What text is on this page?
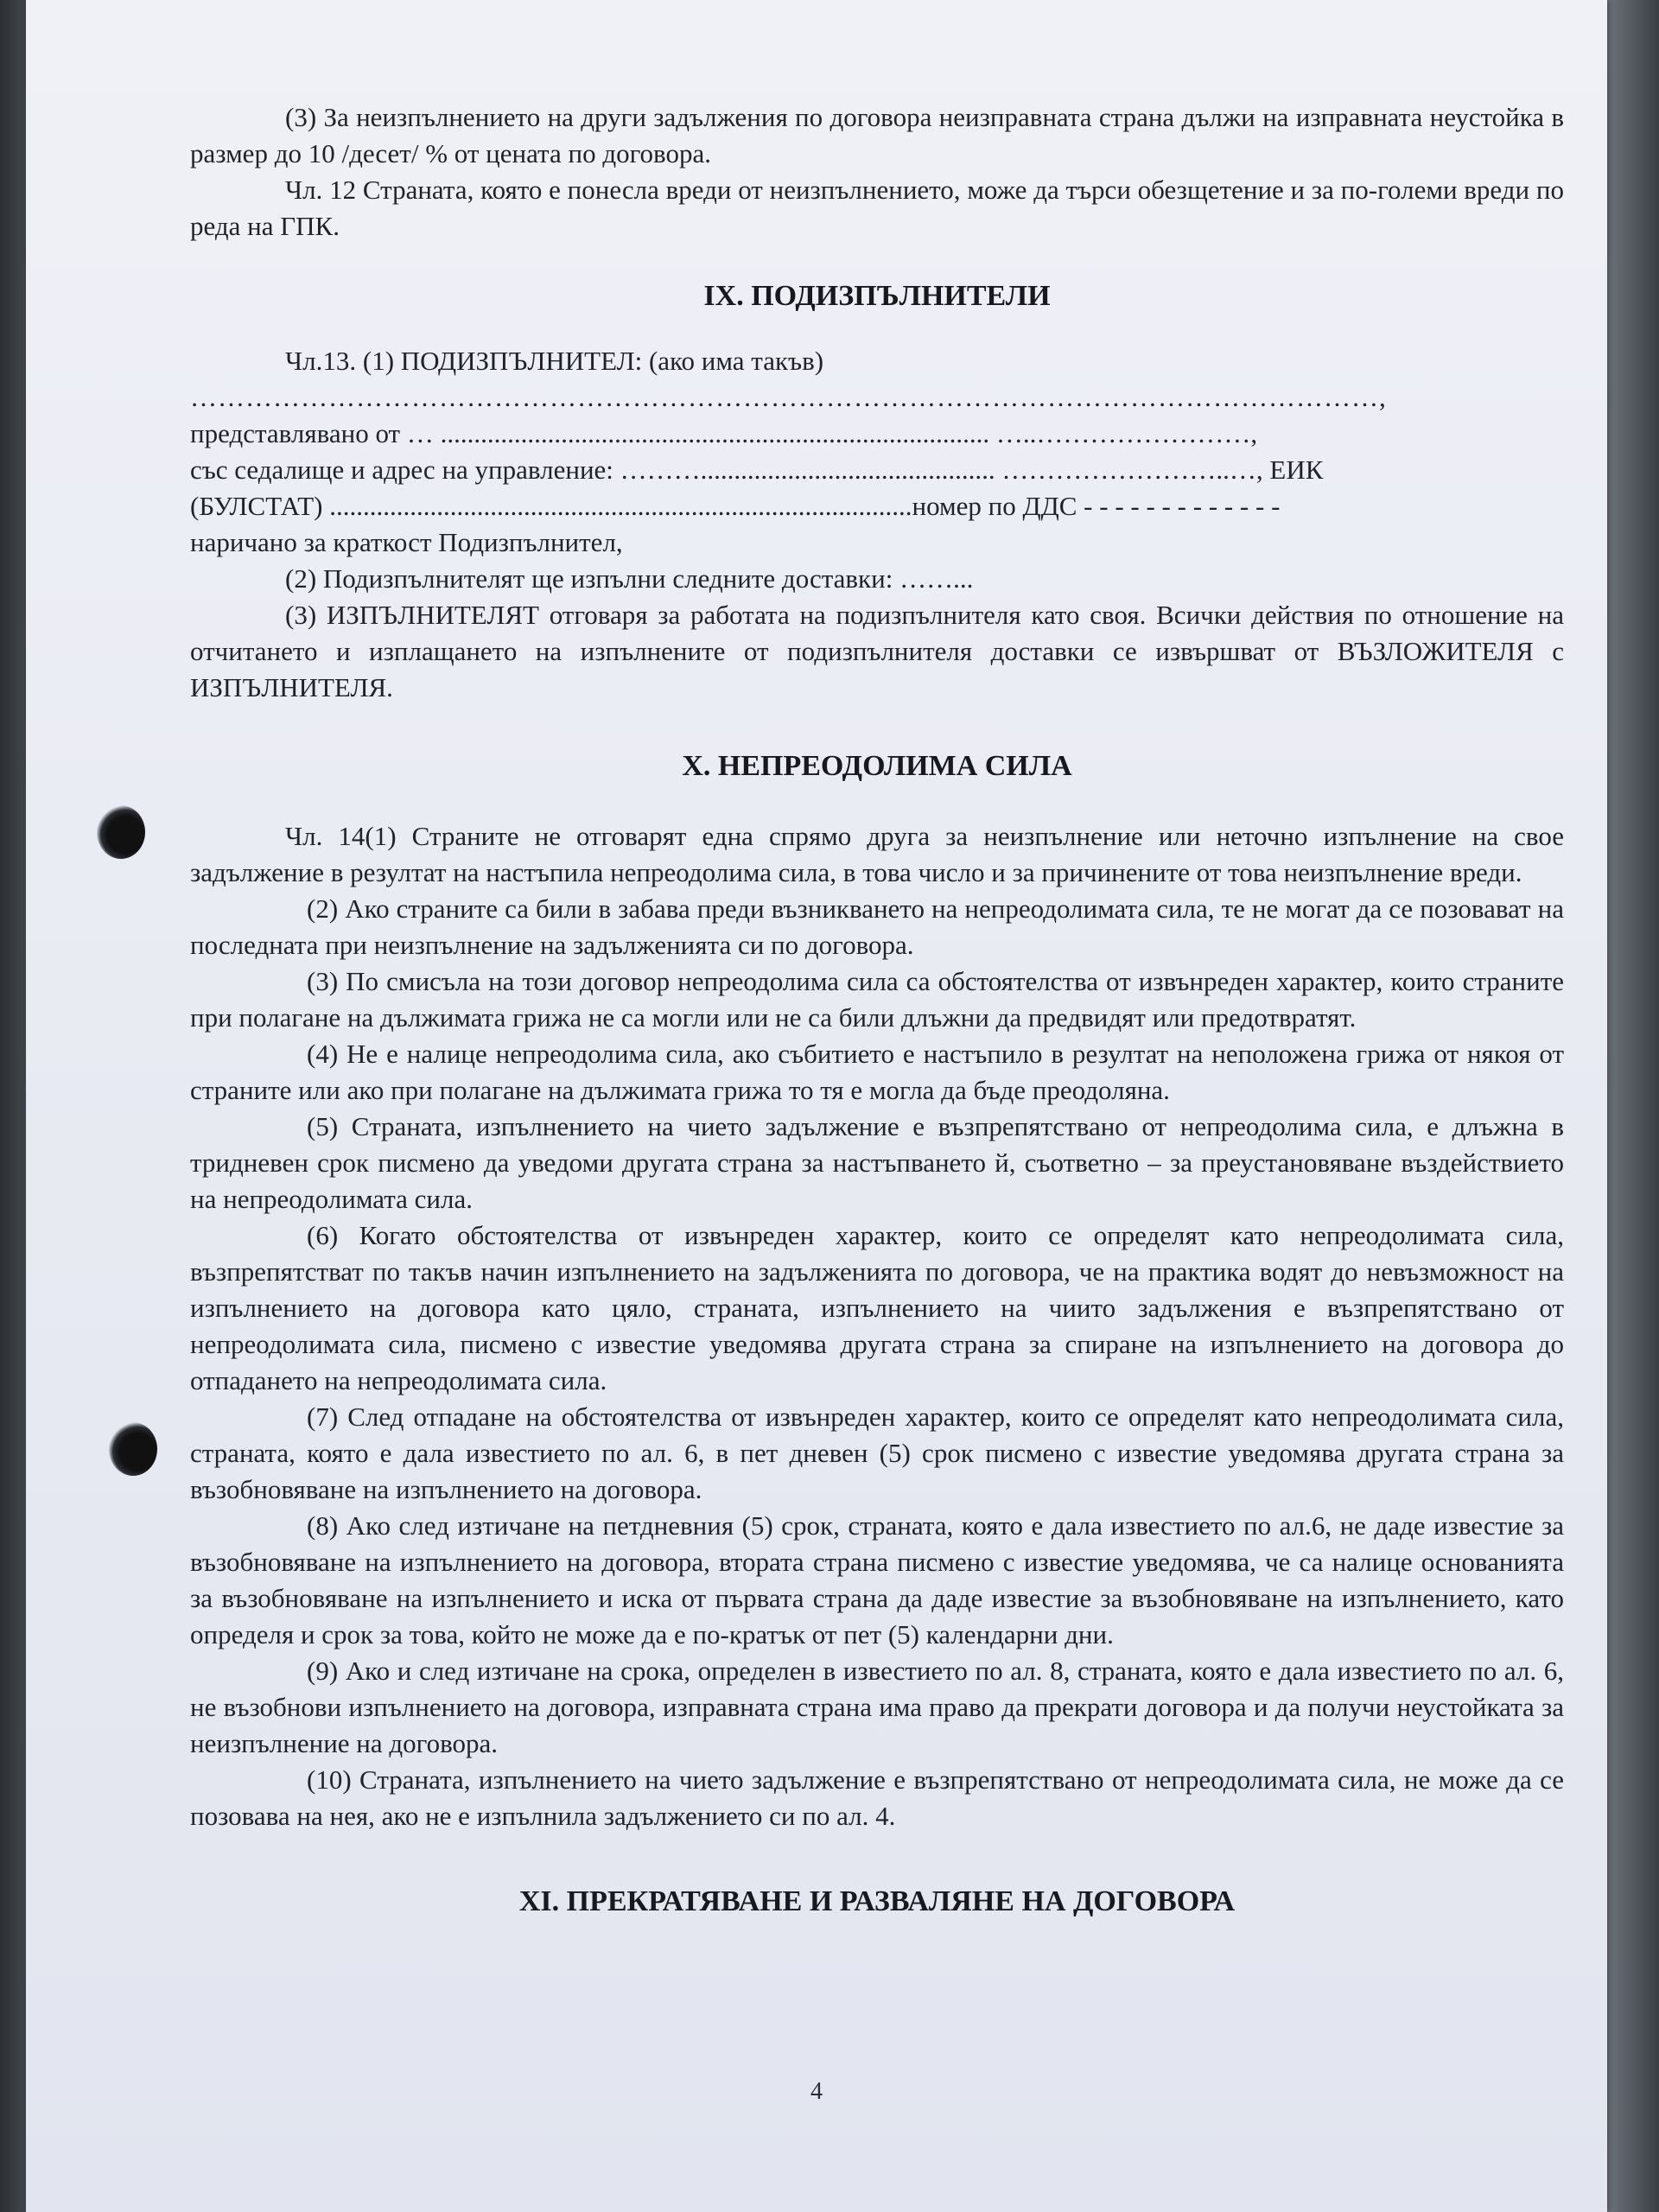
(3) За неизпълнението на други задължения по договора неизправната страна дължи на изправната неустойка в размер до 10 /десет/ % от цената по договора.

Чл. 12 Страната, която е понесла вреди от неизпълнението, може да търси обезщетение и за по-големи вреди по реда на ГПК.

IX. ПОДИЗПЪЛНИТЕЛИ

Чл.13. (1) ПОДИЗПЪЛНИТЕЛ: (ако има такъв)

…………………………………………………………………………………………………………………,

представлявано от … .................................................................................. …..……………………,

със седалище и адрес на управление: ………............................................ ……………………..…, ЕИК

(БУЛСТАТ) .......................................................................................номер по ДДС - - - - - - - - - - - - -

наричано за краткост Подизпълнител,

(2) Подизпълнителят ще изпълни следните доставки: ……...

(3) ИЗПЪЛНИТЕЛЯТ отговаря за работата на подизпълнителя като своя. Всички действия по отношение на отчитането и изплащането на изпълнените от подизпълнителя доставки се извършват от ВЪЗЛОЖИТЕЛЯ с ИЗПЪЛНИТЕЛЯ.

X. НЕПРЕОДОЛИМА СИЛА

Чл. 14(1) Страните не отговарят една спрямо друга за неизпълнение или неточно изпълнение на свое задължение в резултат на настъпила непреодолима сила, в това число и за причинените от това неизпълнение вреди.

(2) Ако страните са били в забава преди възникването на непреодолимата сила, те не могат да се позовават на последната при неизпълнение на задълженията си по договора.

(3) По смисъла на този договор непреодолима сила са обстоятелства от извънреден характер, които страните при полагане на дължимата грижа не са могли или не са били длъжни да предвидят или предотвратят.

(4) Не е налице непреодолима сила, ако събитието е настъпило в резултат на неположена грижа от някоя от страните или ако при полагане на дължимата грижа то тя е могла да бъде преодоляна.

(5) Страната, изпълнението на чието задължение е възпрепятствано от непреодолима сила, е длъжна в тридневен срок писмено да уведоми другата страна за настъпването й, съответно – за преустановяване въздействието на непреодолимата сила.

(6) Когато обстоятелства от извънреден характер, които се определят като непреодолимата сила, възпрепятстват по такъв начин изпълнението на задълженията по договора, че на практика водят до невъзможност на изпълнението на договора като цяло, страната, изпълнението на чиито задължения е възпрепятствано от непреодолимата сила, писмено с известие уведомява другата страна за спиране на изпълнението на договора до отпадането на непреодолимата сила.

(7) След отпадане на обстоятелства от извънреден характер, които се определят като непреодолимата сила, страната, която е дала известието по ал. 6, в пет дневен (5) срок писмено с известие уведомява другата страна за възобновяване на изпълнението на договора.

(8) Ако след изтичане на петдневния (5) срок, страната, която е дала известието по ал.6, не даде известие за възобновяване на изпълнението на договора, втората страна писмено с известие уведомява, че са налице основанията за възобновяване на изпълнението и иска от първата страна да даде известие за възобновяване на изпълнението, като определя и срок за това, който не може да е по-кратък от пет (5) календарни дни.

(9) Ако и след изтичане на срока, определен в известието по ал. 8, страната, която е дала известието по ал. 6, не възобнови изпълнението на договора, изправната страна има право да прекрати договора и да получи неустойката за неизпълнение на договора.

(10) Страната, изпълнението на чието задължение е възпрепятствано от непреодолимата сила, не може да се позовава на нея, ако не е изпълнила задължението си по ал. 4.

XI. ПРЕКРАТЯВАНЕ И РАЗВАЛЯНЕ НА ДОГОВОРА
4
